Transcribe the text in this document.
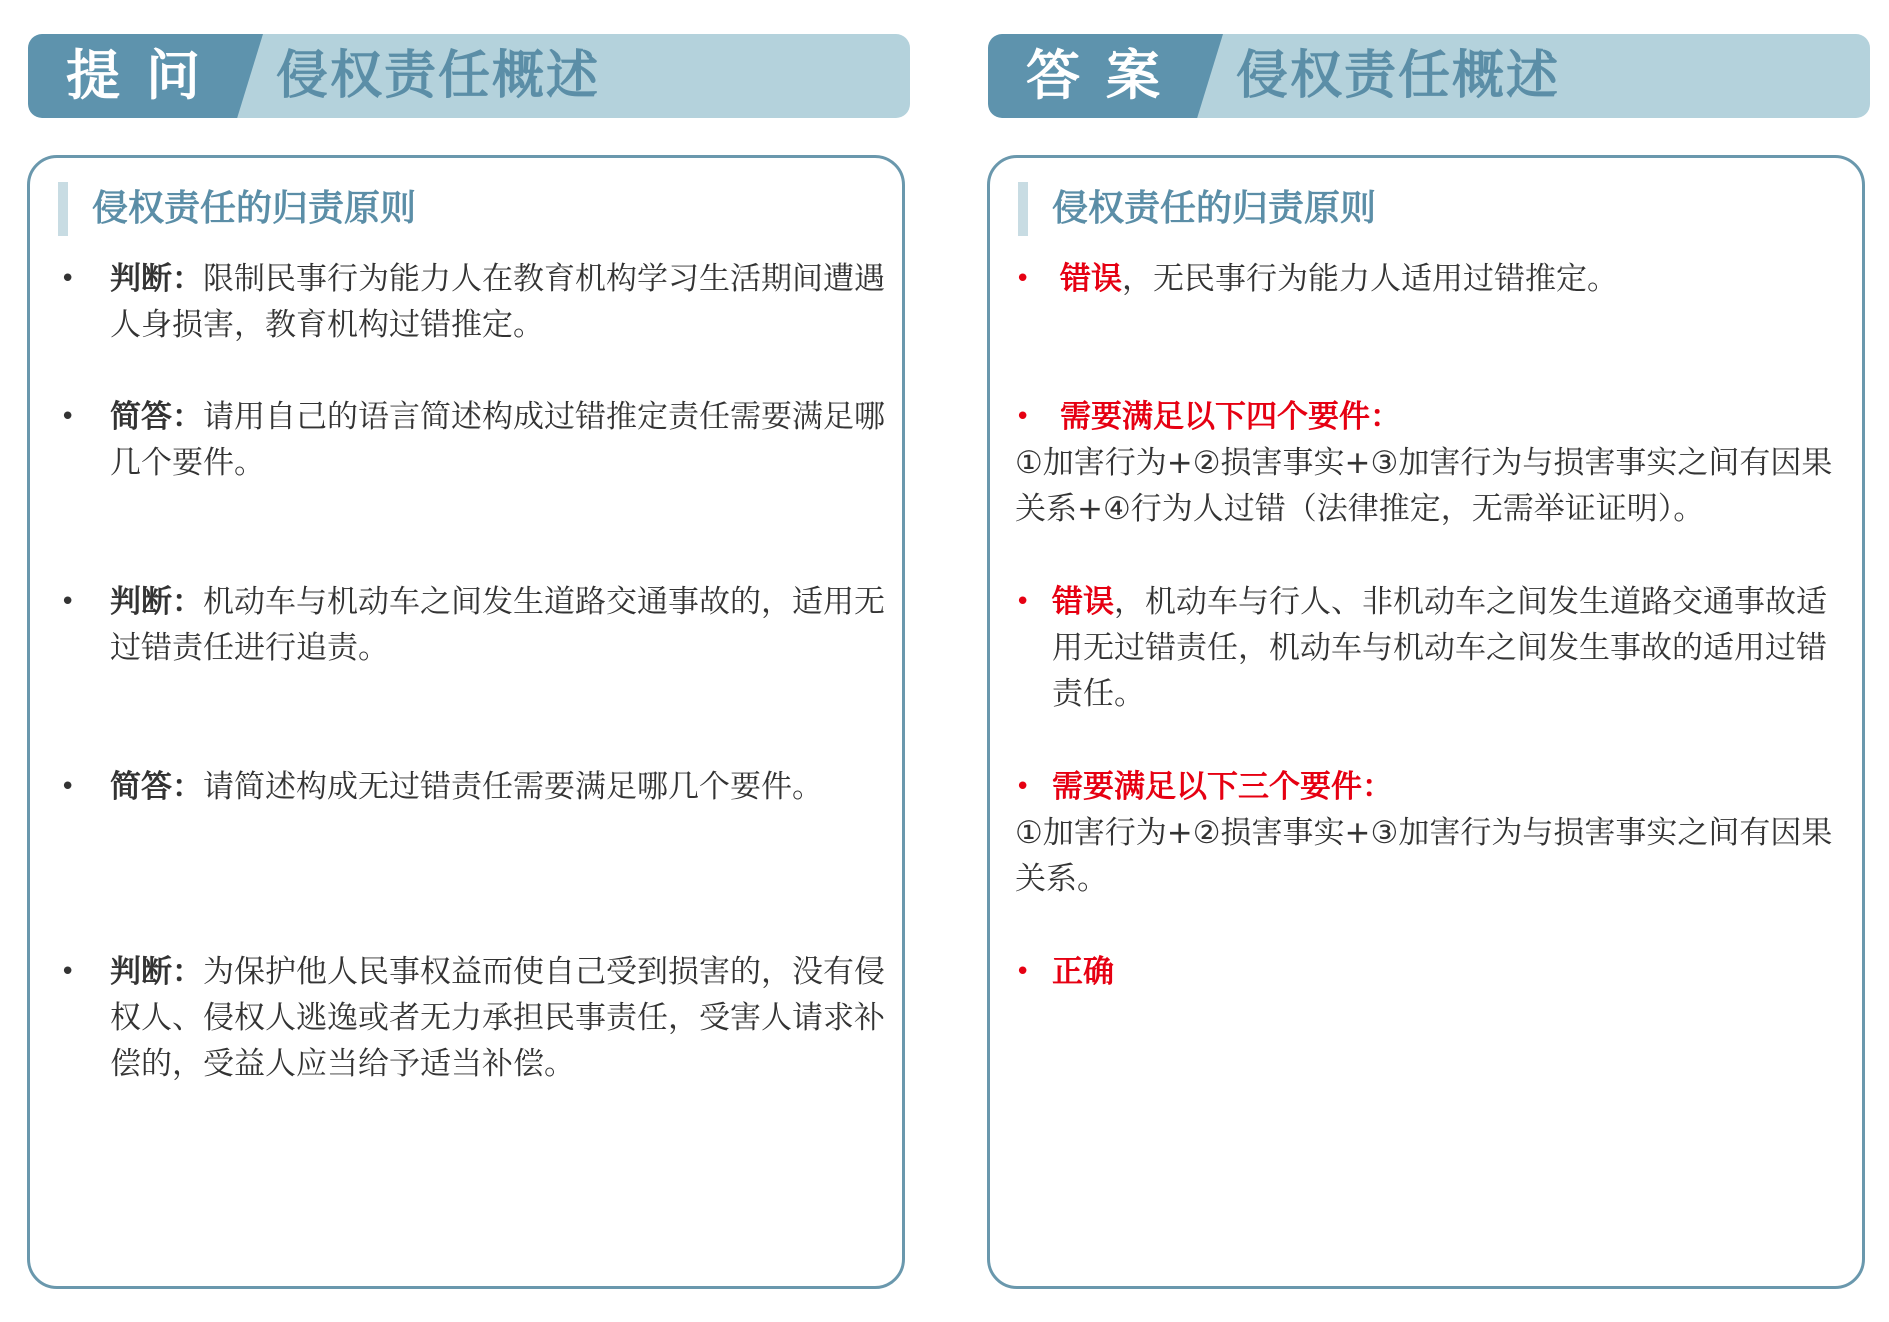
提问 侵权责任概述
侵权责任的归责原则
• 判断：限制民事行为能力人在教育机构学习生活期间遭遇人身损害，教育机构过错推定。
• 简答：请用自己的语言简述构成过错推定责任需要满足哪几个要件。
• 判断：机动车与机动车之间发生道路交通事故的，适用无过错责任进行追责。
• 简答：请简述构成无过错责任需要满足哪几个要件。
• 判断：为保护他人民事权益而使自己受到损害的，没有侵权人、侵权人逃逸或者无力承担民事责任，受害人请求补偿的，受益人应当给予适当补偿。
答案 侵权责任概述
侵权责任的归责原则
• 错误，无民事行为能力人适用过错推定。
• 需要满足以下四个要件：
①加害行为+②损害事实+③加害行为与损害事实之间有因果关系+④行为人过错（法律推定，无需举证证明）。
• 错误，机动车与行人、非机动车之间发生道路交通事故适用无过错责任，机动车与机动车之间发生事故的适用过错责任。
• 需要满足以下三个要件：
①加害行为+②损害事实+③加害行为与损害事实之间有因果关系。
• 正确
